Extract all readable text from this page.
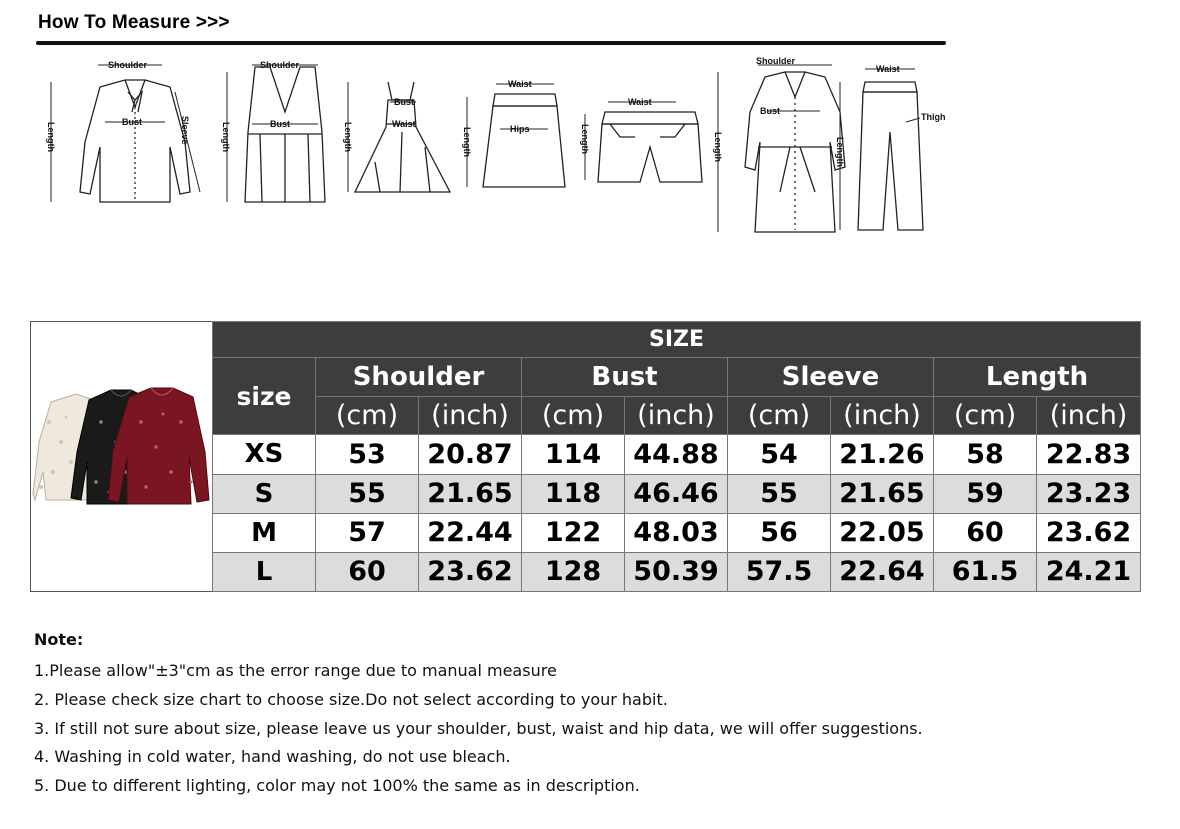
How To Measure >>>
Shoulder
Bust	Sleeve
Length
Shoulder
Bust
Length
Bust
Waist
Length
Waist
Hips
Length
Waist
Length
Shoulder
Bust
Length
Waist
Thigh
Length
SIZE								
size	Shoulder		Bust		Sleeve		Length	
	(cm)	(inch)	(cm)	(inch)	(cm)	(inch)	(cm)	(inch)
XS	53	20.87	114	44.88	54	21.26	58	22.83
S	55	21.65	118	46.46	55	21.65	59	23.23
M	57	22.44	122	48.03	56	22.05	60	23.62
L	60	23.62	128	50.39	57.5	22.64	61.5	24.21
Note:
1.Please allow"±3"cm as the error range due to manual measure
2. Please check size chart to choose size.Do not select according to your habit.
3. If still not sure about size, please leave us your shoulder, bust, waist and hip data, we will offer suggestions.
4. Washing in cold water, hand washing, do not use bleach.
5. Due to different lighting, color may not 100% the same as in description.
